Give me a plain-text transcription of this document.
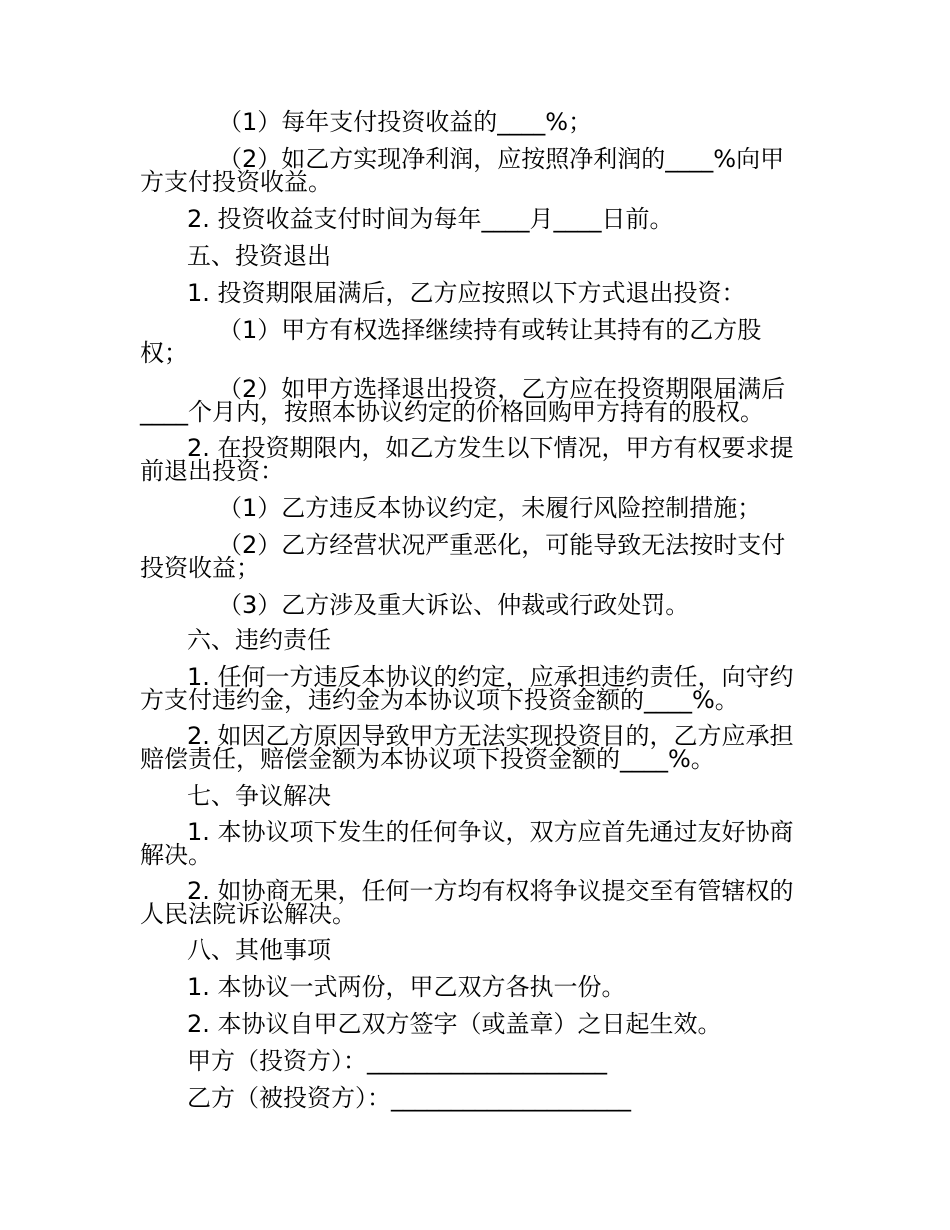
（1）每年支付投资收益的____%；

（2）如乙方实现净利润，应按照净利润的____%向甲

方支付投资收益。

2. 投资收益支付时间为每年____月____日前。

五、投资退出

1. 投资期限届满后，乙方应按照以下方式退出投资：

（1）甲方有权选择继续持有或转让其持有的乙方股

权；

（2）如甲方选择退出投资，乙方应在投资期限届满后

____个月内，按照本协议约定的价格回购甲方持有的股权。

2. 在投资期限内，如乙方发生以下情况，甲方有权要求提

前退出投资：

（1）乙方违反本协议约定，未履行风险控制措施；

（2）乙方经营状况严重恶化，可能导致无法按时支付

投资收益；

（3）乙方涉及重大诉讼、仲裁或行政处罚。

六、违约责任

1. 任何一方违反本协议的约定，应承担违约责任，向守约

方支付违约金，违约金为本协议项下投资金额的____%。

2. 如因乙方原因导致甲方无法实现投资目的，乙方应承担

赔偿责任，赔偿金额为本协议项下投资金额的____%。

七、争议解决

1. 本协议项下发生的任何争议，双方应首先通过友好协商

解决。

2. 如协商无果，任何一方均有权将争议提交至有管辖权的

人民法院诉讼解决。

八、其他事项

1. 本协议一式两份，甲乙双方各执一份。

2. 本协议自甲乙双方签字（或盖章）之日起生效。

甲方（投资方）：____________________

乙方（被投资方）：____________________
